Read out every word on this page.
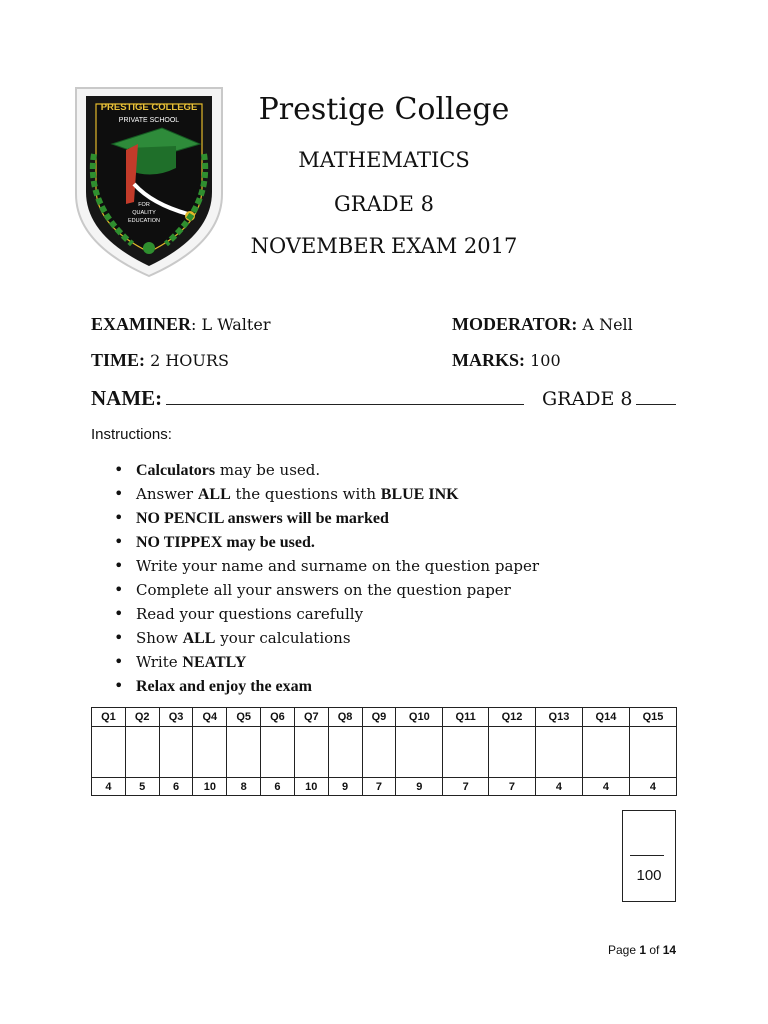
PRESTIGE COLLEGE
PRIVATE SCHOOL
FOR
QUALITY
EDUCATION
Prestige College
MATHEMATICS
GRADE 8
NOVEMBER EXAM 2017
EXAMINER: L Walter	MODERATOR: A Nell
TIME: 2 HOURS	MARKS: 100
NAME:	GRADE 8
Instructions:
• Calculators may be used.
• Answer ALL the questions with BLUE INK
• NO PENCIL answers will be marked
• NO TIPPEX may be used.
• Write your name and surname on the question paper
• Complete all your answers on the question paper
• Read your questions carefully
• Show ALL your calculations
• Write NEATLY
• Relax and enjoy the exam
Q1	Q2	Q3	Q4	Q5	Q6	Q7	Q8	Q9	Q10	Q11	Q12	Q13	Q14	Q15

4	5	6	10	8	6	10	9	7	9	7	7	4	4	4
100
Page 1 of 14
